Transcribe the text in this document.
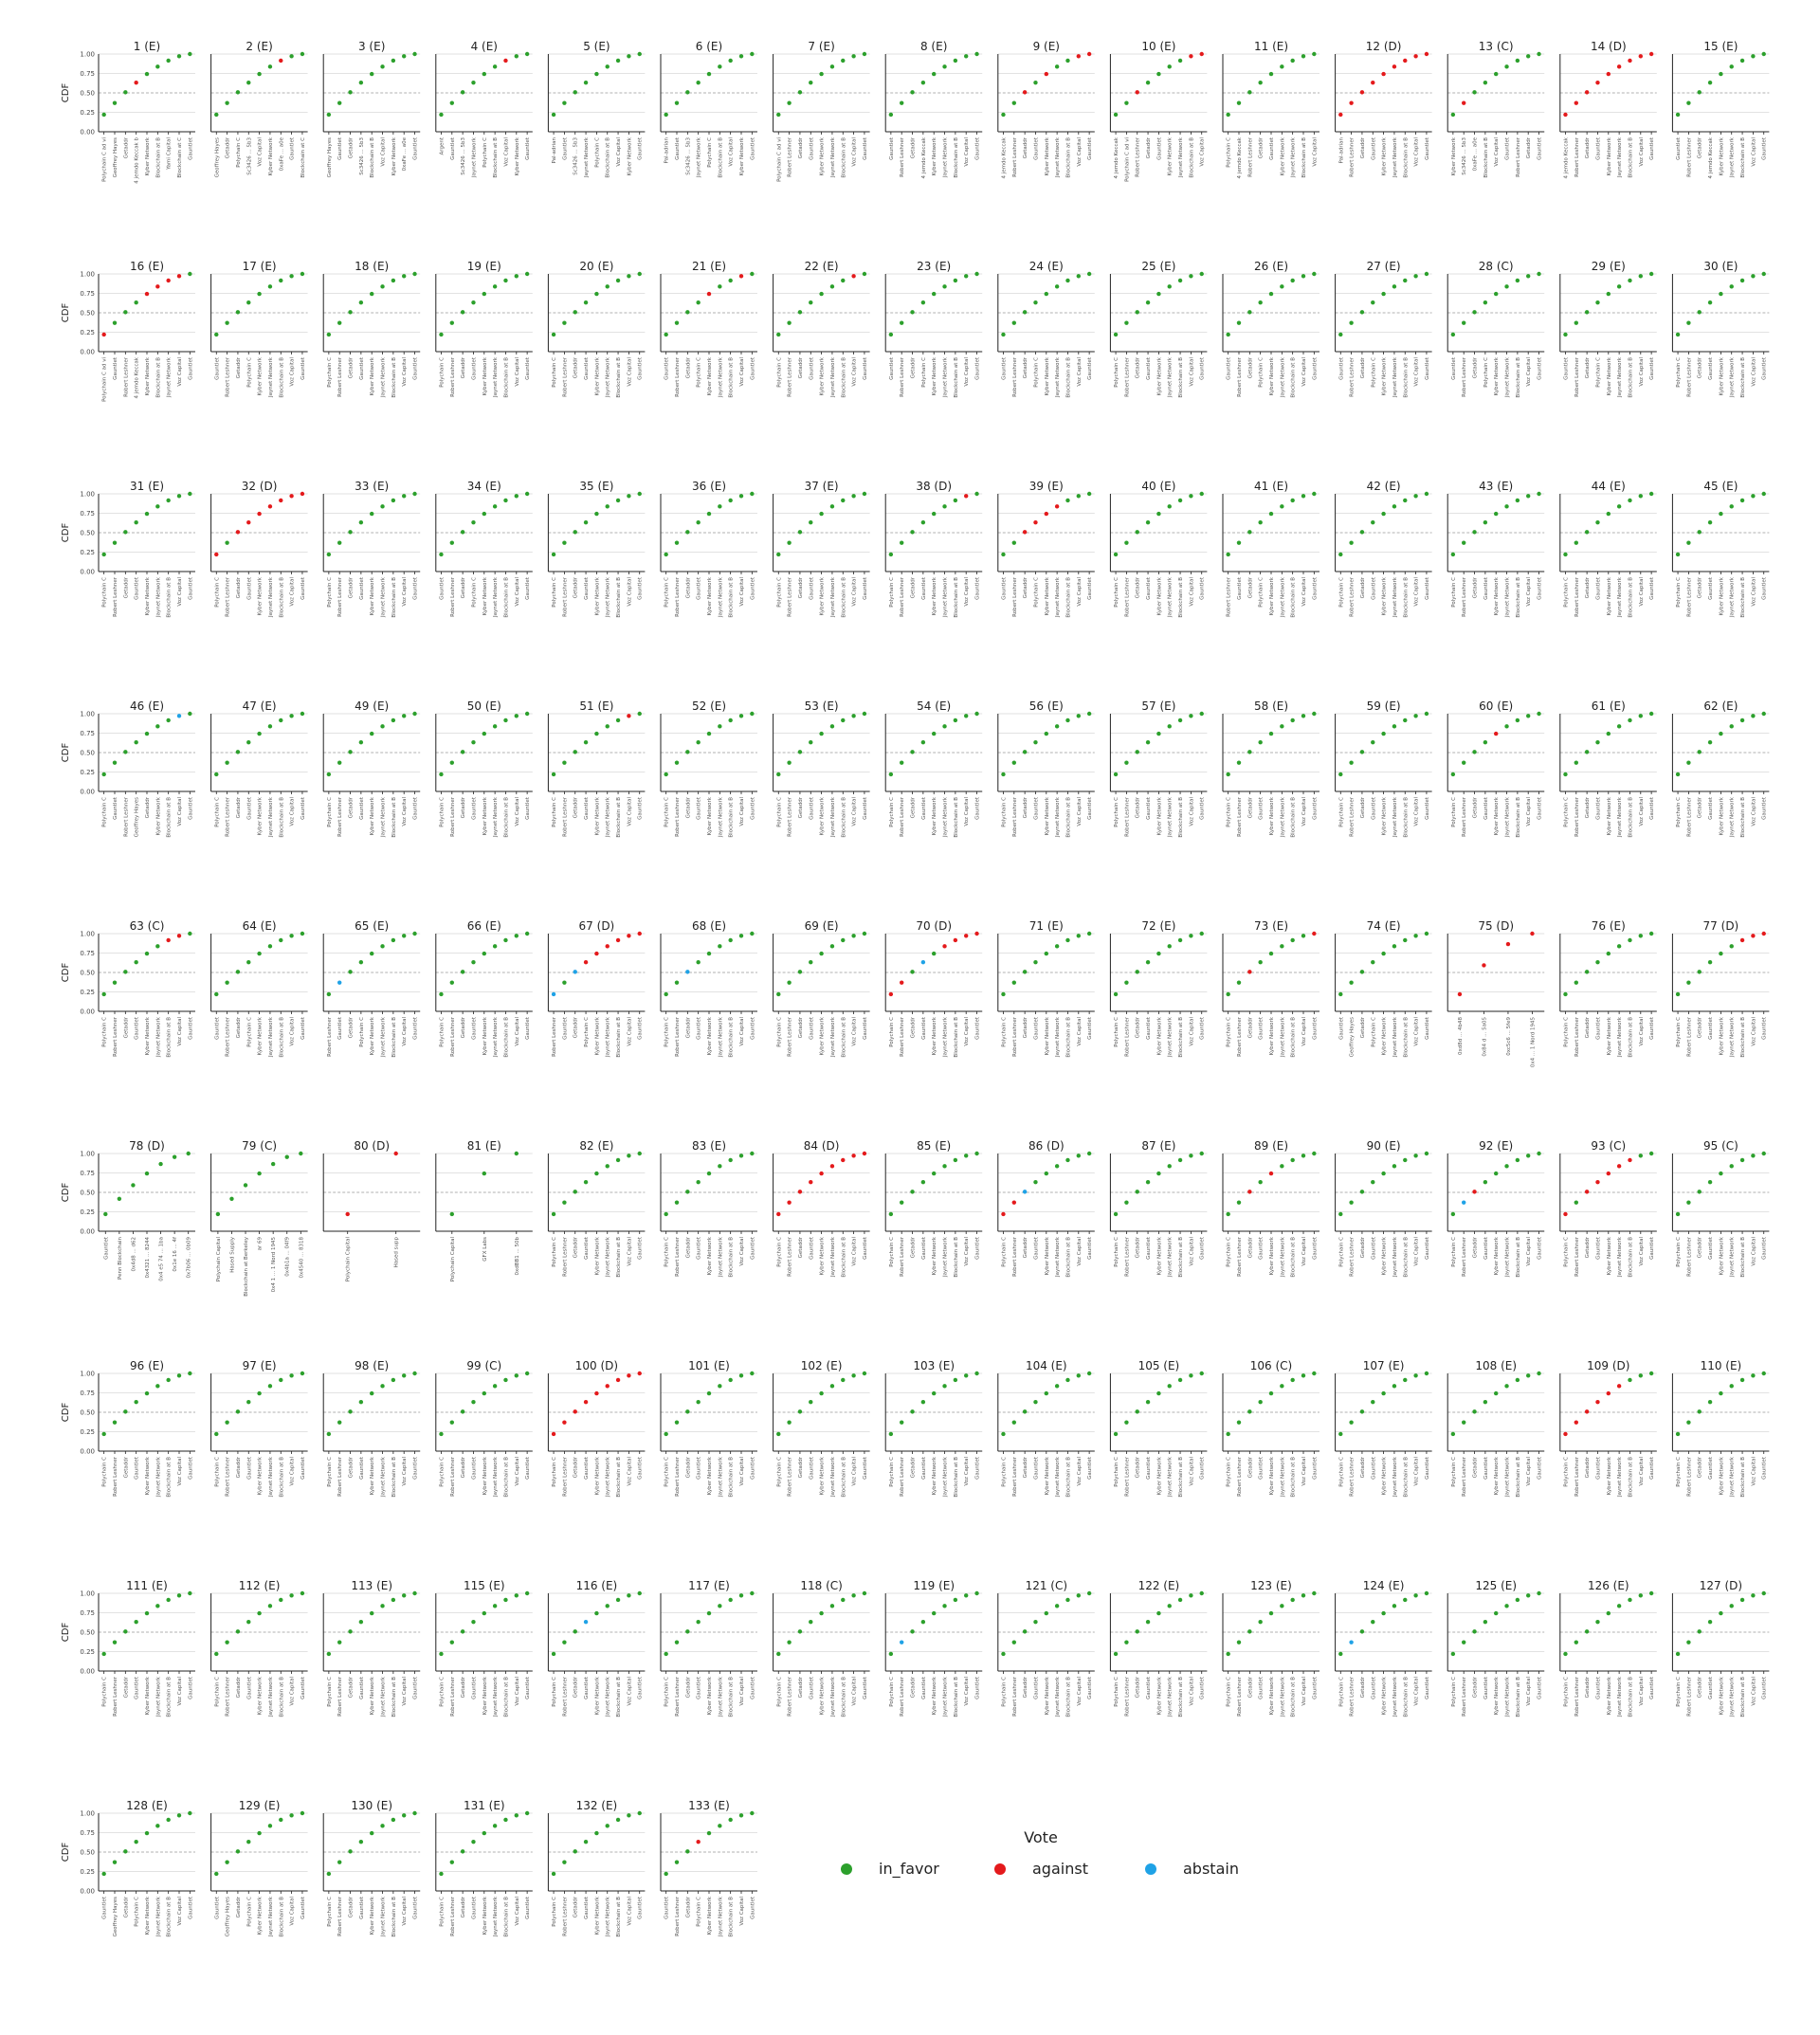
1 (E)
0.00
0.25
0.50
0.75
1.00
CDF
Polychain C ad vi Geoffrey Hayes Getaddr 4 jemdo Keccak b Kyber Network Blockchain at B Yami Capital Blockchain at C Gauntlet
2 (E)
Geoffrey Hayes Getaddr Polychain C Sc3426 ... 5b3 Voz Capital Kyber Network 0xaFe ... a0e Gauntlet Blockchain at C
3 (E)
Geoffrey Hayes Gauntlet Getaddr Sc3426 ... 5b3 Blockchain at B Voz Capital Kyber Network 0xaFe ... a0e Gauntlet
4 (E)
Argent Gauntlet Sc3426 ... 5b3 Jaynet Network Polychain C Blockchain at B Voz Capital Kyber Network Gauntlet
5 (E)
Pal-adrian Gauntlet Sc3426 ... 5b3 Jaynet Network Polychain C Blockchain at B Voz Capital Kyber Network Gauntlet
6 (E)
Pal-adrian Gauntlet Sc3426 ... 5b3 Jaynet Network Polychain C Blockchain at B Voz Capital Kyber Network Gauntlet
7 (E)
Polychain C ad vi Robert Leshner Getaddr Gauntlet Kyber Network Jaynet Network Blockchain at B Voz Capital Gauntlet
8 (E)
Gauntlet Robert Leshner Getaddr 4 jemdo Keccak Kyber Network Jaynet Network Blockchain at B Voz Capital Gauntlet
9 (E)
4 jemdo Keccak Robert Leshner Getaddr Gauntlet Kyber Network Jaynet Network Blockchain at B Voz Capital Gauntlet
10 (E)
4 jemdo Keccak Polychain C ad vi Robert Leshner Getaddr Gauntlet Kyber Network Jaynet Network Blockchain at B Voz Capital
11 (E)
Polychain C 4 jemdo Keccak Robert Leshner Getaddr Gauntlet Kyber Network Jaynet Network Blockchain at B Voz Capital
12 (D)
Pal-adrian Robert Leshner Getaddr Gauntlet Kyber Network Jaynet Network Blockchain at B Voz Capital Gauntlet
13 (C)
Kyber Network Sc3426 ... 5b3 0xaFe ... a0e Blockchain at B Voz Capital Gauntlet Robert Leshner Getaddr Gauntlet
14 (D)
4 jemdo Keccak Robert Leshner Getaddr Gauntlet Kyber Network Jaynet Network Blockchain at B Voz Capital Gauntlet
15 (E)
Gauntlet Robert Leshner Getaddr 4 jemdo Keccak Kyber Network Jaynet Network Blockchain at B Voz Capital Gauntlet
16 (E)
0.00
0.25
0.50
0.75
1.00
CDF
Polychain C ad vi Gauntlet Robert Leshner 4 jemdo Keccak Kyber Network Blockchain at B Jaynet Network Voz Capital Gauntlet
17 (E)
Gauntlet Robert Leshner Getaddr Polychain C Kyber Network Jaynet Network Blockchain at B Voz Capital Gauntlet
18 (E)
Polychain C Robert Leshner Getaddr Gauntlet Kyber Network Jaynet Network Blockchain at B Voz Capital Gauntlet
19 (E)
Polychain C Robert Leshner Getaddr Gauntlet Kyber Network Jaynet Network Blockchain at B Voz Capital Gauntlet
20 (E)
Polychain C Robert Leshner Getaddr Gauntlet Kyber Network Jaynet Network Blockchain at B Voz Capital Gauntlet
21 (E)
Gauntlet Robert Leshner Getaddr Polychain C Kyber Network Jaynet Network Blockchain at B Voz Capital Gauntlet
22 (E)
Polychain C Robert Leshner Getaddr Gauntlet Kyber Network Jaynet Network Blockchain at B Voz Capital Gauntlet
23 (E)
Gauntlet Robert Leshner Getaddr Polychain C Kyber Network Jaynet Network Blockchain at B Voz Capital Gauntlet
24 (E)
Gauntlet Robert Leshner Getaddr Polychain C Kyber Network Jaynet Network Blockchain at B Voz Capital Gauntlet
25 (E)
Polychain C Robert Leshner Getaddr Gauntlet Kyber Network Jaynet Network Blockchain at B Voz Capital Gauntlet
26 (E)
Gauntlet Robert Leshner Getaddr Polychain C Kyber Network Jaynet Network Blockchain at B Voz Capital Gauntlet
27 (E)
Gauntlet Robert Leshner Getaddr Polychain C Kyber Network Jaynet Network Blockchain at B Voz Capital Gauntlet
28 (C)
Gauntlet Robert Leshner Getaddr Polychain C Kyber Network Jaynet Network Blockchain at B Voz Capital Gauntlet
29 (E)
Gauntlet Robert Leshner Getaddr Polychain C Kyber Network Jaynet Network Blockchain at B Voz Capital Gauntlet
30 (E)
Polychain C Robert Leshner Getaddr Gauntlet Kyber Network Jaynet Network Blockchain at B Voz Capital Gauntlet
31 (E)
0.00
0.25
0.50
0.75
1.00
CDF
Polychain C Robert Leshner Getaddr Gauntlet Kyber Network Jaynet Network Blockchain at B Voz Capital Gauntlet
32 (D)
Polychain C Robert Leshner Getaddr Gauntlet Kyber Network Jaynet Network Blockchain at B Voz Capital Gauntlet
33 (E)
Polychain C Robert Leshner Getaddr Gauntlet Kyber Network Jaynet Network Blockchain at B Voz Capital Gauntlet
34 (E)
Gauntlet Robert Leshner Getaddr Polychain C Kyber Network Jaynet Network Blockchain at B Voz Capital Gauntlet
35 (E)
Polychain C Robert Leshner Getaddr Gauntlet Kyber Network Jaynet Network Blockchain at B Voz Capital Gauntlet
36 (E)
Polychain C Robert Leshner Getaddr Gauntlet Kyber Network Jaynet Network Blockchain at B Voz Capital Gauntlet
37 (E)
Polychain C Robert Leshner Getaddr Gauntlet Kyber Network Jaynet Network Blockchain at B Voz Capital Gauntlet
38 (D)
Polychain C Robert Leshner Getaddr Gauntlet Kyber Network Jaynet Network Blockchain at B Voz Capital Gauntlet
39 (E)
Gauntlet Robert Leshner Getaddr Polychain C Kyber Network Jaynet Network Blockchain at B Voz Capital Gauntlet
40 (E)
Polychain C Robert Leshner Getaddr Gauntlet Kyber Network Jaynet Network Blockchain at B Voz Capital Gauntlet
41 (E)
Robert Leshner Gauntlet Getaddr Polychain C Kyber Network Jaynet Network Blockchain at B Voz Capital Gauntlet
42 (E)
Polychain C Robert Leshner Getaddr Gauntlet Kyber Network Jaynet Network Blockchain at B Voz Capital Gauntlet
43 (E)
Polychain C Robert Leshner Getaddr Gauntlet Kyber Network Jaynet Network Blockchain at B Voz Capital Gauntlet
44 (E)
Polychain C Robert Leshner Getaddr Gauntlet Kyber Network Jaynet Network Blockchain at B Voz Capital Gauntlet
45 (E)
Polychain C Robert Leshner Getaddr Gauntlet Kyber Network Jaynet Network Blockchain at B Voz Capital Gauntlet
46 (E)
0.00
0.25
0.50
0.75
1.00
CDF
Polychain C Gauntlet Robert Leshner Geoffrey Hayes Getaddr Kyber Network Blockchain at B Voz Capital Gauntlet
47 (E)
Polychain C Robert Leshner Getaddr Gauntlet Kyber Network Jaynet Network Blockchain at B Voz Capital Gauntlet
49 (E)
Polychain C Robert Leshner Getaddr Gauntlet Kyber Network Jaynet Network Blockchain at B Voz Capital Gauntlet
50 (E)
Polychain C Robert Leshner Getaddr Gauntlet Kyber Network Jaynet Network Blockchain at B Voz Capital Gauntlet
51 (E)
Polychain C Robert Leshner Getaddr Gauntlet Kyber Network Jaynet Network Blockchain at B Voz Capital Gauntlet
52 (E)
Polychain C Robert Leshner Getaddr Gauntlet Kyber Network Jaynet Network Blockchain at B Voz Capital Gauntlet
53 (E)
Polychain C Robert Leshner Getaddr Gauntlet Kyber Network Jaynet Network Blockchain at B Voz Capital Gauntlet
54 (E)
Polychain C Robert Leshner Getaddr Gauntlet Kyber Network Jaynet Network Blockchain at B Voz Capital Gauntlet
56 (E)
Polychain C Robert Leshner Getaddr Gauntlet Kyber Network Jaynet Network Blockchain at B Voz Capital Gauntlet
57 (E)
Polychain C Robert Leshner Getaddr Gauntlet Kyber Network Jaynet Network Blockchain at B Voz Capital Gauntlet
58 (E)
Polychain C Robert Leshner Getaddr Gauntlet Kyber Network Jaynet Network Blockchain at B Voz Capital Gauntlet
59 (E)
Polychain C Robert Leshner Getaddr Gauntlet Kyber Network Jaynet Network Blockchain at B Voz Capital Gauntlet
60 (E)
Polychain C Robert Leshner Getaddr Gauntlet Kyber Network Jaynet Network Blockchain at B Voz Capital Gauntlet
61 (E)
Polychain C Robert Leshner Getaddr Gauntlet Kyber Network Jaynet Network Blockchain at B Voz Capital Gauntlet
62 (E)
Polychain C Robert Leshner Getaddr Gauntlet Kyber Network Jaynet Network Blockchain at B Voz Capital Gauntlet
63 (C)
0.00
0.25
0.50
0.75
1.00
CDF
Polychain C Robert Leshner Getaddr Gauntlet Kyber Network Jaynet Network Blockchain at B Voz Capital Gauntlet
64 (E)
Gauntlet Robert Leshner Getaddr Polychain C Kyber Network Jaynet Network Blockchain at B Voz Capital Gauntlet
65 (E)
Robert Leshner Gauntlet Getaddr Polychain C Kyber Network Jaynet Network Blockchain at B Voz Capital Gauntlet
66 (E)
Polychain C Robert Leshner Getaddr Gauntlet Kyber Network Jaynet Network Blockchain at B Voz Capital Gauntlet
67 (D)
Robert Leshner Gauntlet Getaddr Polychain C Kyber Network Jaynet Network Blockchain at B Voz Capital Gauntlet
68 (E)
Polychain C Robert Leshner Getaddr Gauntlet Kyber Network Jaynet Network Blockchain at B Voz Capital Gauntlet
69 (E)
Polychain C Robert Leshner Getaddr Gauntlet Kyber Network Jaynet Network Blockchain at B Voz Capital Gauntlet
70 (D)
Polychain C Robert Leshner Getaddr Gauntlet Kyber Network Jaynet Network Blockchain at B Voz Capital Gauntlet
71 (E)
Polychain C Robert Leshner Getaddr Gauntlet Kyber Network Jaynet Network Blockchain at B Voz Capital Gauntlet
72 (E)
Polychain C Robert Leshner Getaddr Gauntlet Kyber Network Jaynet Network Blockchain at B Voz Capital Gauntlet
73 (E)
Polychain C Robert Leshner Getaddr Gauntlet Kyber Network Jaynet Network Blockchain at B Voz Capital Gauntlet
74 (E)
Gauntlet Geoffrey Hayes Getaddr Polychain C Kyber Network Jaynet Network Blockchain at B Voz Capital Gauntlet
75 (D)
0xd8d ... 4b48	0x84 d ... 5a05	0xc5c6 ... 5fe9	0x4 ... 1 Nord 1945
76 (E)
Polychain C Robert Leshner Getaddr Gauntlet Kyber Network Jaynet Network Blockchain at B Voz Capital Gauntlet
77 (D)
Polychain C Robert Leshner Getaddr Gauntlet Kyber Network Jaynet Network Blockchain at B Voz Capital Gauntlet
78 (D)
0.00
0.25
0.50
0.75
1.00
CDF
Gauntlet Penn Blockchain 0x4d8 ... d62 0x4321 ... 8244 0x4 e5 74 ... 1ba 0x1e 16 ... 4f 0x7b06 ... 0b09
79 (C)
Polychain Capital Hased Supply Blockchain at Berkeley ar 69 0x4 1 ... 1 Nord 1945 0x4b1a ... 04f9 0x4540 ... 8318
80 (D)
Polychain Capital	Hased supp
81 (E)
Polychain Capital	GFX Labs	0xdBB1 ... 50b
82 (E)
Polychain C Robert Leshner Getaddr Gauntlet Kyber Network Jaynet Network Blockchain at B Voz Capital Gauntlet
83 (E)
Polychain C Robert Leshner Getaddr Gauntlet Kyber Network Jaynet Network Blockchain at B Voz Capital Gauntlet
84 (D)
Polychain C Robert Leshner Getaddr Gauntlet Kyber Network Jaynet Network Blockchain at B Voz Capital Gauntlet
85 (E)
Polychain C Robert Leshner Getaddr Gauntlet Kyber Network Jaynet Network Blockchain at B Voz Capital Gauntlet
86 (D)
Polychain C Robert Leshner Getaddr Gauntlet Kyber Network Jaynet Network Blockchain at B Voz Capital Gauntlet
87 (E)
Polychain C Robert Leshner Getaddr Gauntlet Kyber Network Jaynet Network Blockchain at B Voz Capital Gauntlet
89 (E)
Polychain C Robert Leshner Getaddr Gauntlet Kyber Network Jaynet Network Blockchain at B Voz Capital Gauntlet
90 (E)
Polychain C Robert Leshner Getaddr Gauntlet Kyber Network Jaynet Network Blockchain at B Voz Capital Gauntlet
92 (E)
Polychain C Robert Leshner Getaddr Gauntlet Kyber Network Jaynet Network Blockchain at B Voz Capital Gauntlet
93 (C)
Polychain C Robert Leshner Getaddr Gauntlet Kyber Network Jaynet Network Blockchain at B Voz Capital Gauntlet
95 (C)
Polychain C Robert Leshner Getaddr Gauntlet Kyber Network Jaynet Network Blockchain at B Voz Capital Gauntlet
96 (E)
0.00
0.25
0.50
0.75
1.00
CDF
Polychain C Robert Leshner Getaddr Gauntlet Kyber Network Jaynet Network Blockchain at B Voz Capital Gauntlet
97 (E)
Polychain C Robert Leshner Getaddr Gauntlet Kyber Network Jaynet Network Blockchain at B Voz Capital Gauntlet
98 (E)
Polychain C Robert Leshner Getaddr Gauntlet Kyber Network Jaynet Network Blockchain at B Voz Capital Gauntlet
99 (C)
Polychain C Robert Leshner Getaddr Gauntlet Kyber Network Jaynet Network Blockchain at B Voz Capital Gauntlet
100 (D)
Polychain C Robert Leshner Getaddr Gauntlet Kyber Network Jaynet Network Blockchain at B Voz Capital Gauntlet
101 (E)
Polychain C Robert Leshner Getaddr Gauntlet Kyber Network Jaynet Network Blockchain at B Voz Capital Gauntlet
102 (E)
Polychain C Robert Leshner Getaddr Gauntlet Kyber Network Jaynet Network Blockchain at B Voz Capital Gauntlet
103 (E)
Polychain C Robert Leshner Getaddr Gauntlet Kyber Network Jaynet Network Blockchain at B Voz Capital Gauntlet
104 (E)
Polychain C Robert Leshner Getaddr Gauntlet Kyber Network Jaynet Network Blockchain at B Voz Capital Gauntlet
105 (E)
Polychain C Robert Leshner Getaddr Gauntlet Kyber Network Jaynet Network Blockchain at B Voz Capital Gauntlet
106 (C)
Polychain C Robert Leshner Getaddr Gauntlet Kyber Network Jaynet Network Blockchain at B Voz Capital Gauntlet
107 (E)
Polychain C Robert Leshner Getaddr Gauntlet Kyber Network Jaynet Network Blockchain at B Voz Capital Gauntlet
108 (E)
Polychain C Robert Leshner Getaddr Gauntlet Kyber Network Jaynet Network Blockchain at B Voz Capital Gauntlet
109 (D)
Polychain C Robert Leshner Getaddr Gauntlet Kyber Network Jaynet Network Blockchain at B Voz Capital Gauntlet
110 (E)
Polychain C Robert Leshner Getaddr Gauntlet Kyber Network Jaynet Network Blockchain at B Voz Capital Gauntlet
111 (E)
0.00
0.25
0.50
0.75
1.00
CDF
Polychain C Robert Leshner Getaddr Gauntlet Kyber Network Jaynet Network Blockchain at B Voz Capital Gauntlet
112 (E)
Polychain C Robert Leshner Getaddr Gauntlet Kyber Network Jaynet Network Blockchain at B Voz Capital Gauntlet
113 (E)
Polychain C Robert Leshner Getaddr Gauntlet Kyber Network Jaynet Network Blockchain at B Voz Capital Gauntlet
115 (E)
Polychain C Robert Leshner Getaddr Gauntlet Kyber Network Jaynet Network Blockchain at B Voz Capital Gauntlet
116 (E)
Polychain C Robert Leshner Getaddr Gauntlet Kyber Network Jaynet Network Blockchain at B Voz Capital Gauntlet
117 (E)
Polychain C Robert Leshner Getaddr Gauntlet Kyber Network Jaynet Network Blockchain at B Voz Capital Gauntlet
118 (C)
Polychain C Robert Leshner Getaddr Gauntlet Kyber Network Jaynet Network Blockchain at B Voz Capital Gauntlet
119 (E)
Polychain C Robert Leshner Getaddr Gauntlet Kyber Network Jaynet Network Blockchain at B Voz Capital Gauntlet
121 (C)
Polychain C Robert Leshner Getaddr Gauntlet Kyber Network Jaynet Network Blockchain at B Voz Capital Gauntlet
122 (E)
Polychain C Robert Leshner Getaddr Gauntlet Kyber Network Jaynet Network Blockchain at B Voz Capital Gauntlet
123 (E)
Polychain C Robert Leshner Getaddr Gauntlet Kyber Network Jaynet Network Blockchain at B Voz Capital Gauntlet
124 (E)
Polychain C Robert Leshner Getaddr Gauntlet Kyber Network Jaynet Network Blockchain at B Voz Capital Gauntlet
125 (E)
Polychain C Robert Leshner Getaddr Gauntlet Kyber Network Jaynet Network Blockchain at B Voz Capital Gauntlet
126 (E)
Polychain C Robert Leshner Getaddr Gauntlet Kyber Network Jaynet Network Blockchain at B Voz Capital Gauntlet
127 (D)
Polychain C Robert Leshner Getaddr Gauntlet Kyber Network Jaynet Network Blockchain at B Voz Capital Gauntlet
128 (E)
0.00
0.25
0.50
0.75
1.00
CDF
Gauntlet Geoffrey Hayes Getaddr Polychain C Kyber Network Jaynet Network Blockchain at B Voz Capital Gauntlet
129 (E)
Gauntlet Geoffrey Hayes Getaddr Polychain C Kyber Network Jaynet Network Blockchain at B Voz Capital Gauntlet
130 (E)
Polychain C Robert Leshner Getaddr Gauntlet Kyber Network Jaynet Network Blockchain at B Voz Capital Gauntlet
131 (E)
Polychain C Robert Leshner Getaddr Gauntlet Kyber Network Jaynet Network Blockchain at B Voz Capital Gauntlet
132 (E)
Polychain C Robert Leshner Getaddr Gauntlet Kyber Network Jaynet Network Blockchain at B Voz Capital Gauntlet
133 (E)
Gauntlet Robert Leshner Getaddr Polychain C Kyber Network Jaynet Network Blockchain at B Voz Capital Gauntlet
Vote
in_favor	against	abstain
